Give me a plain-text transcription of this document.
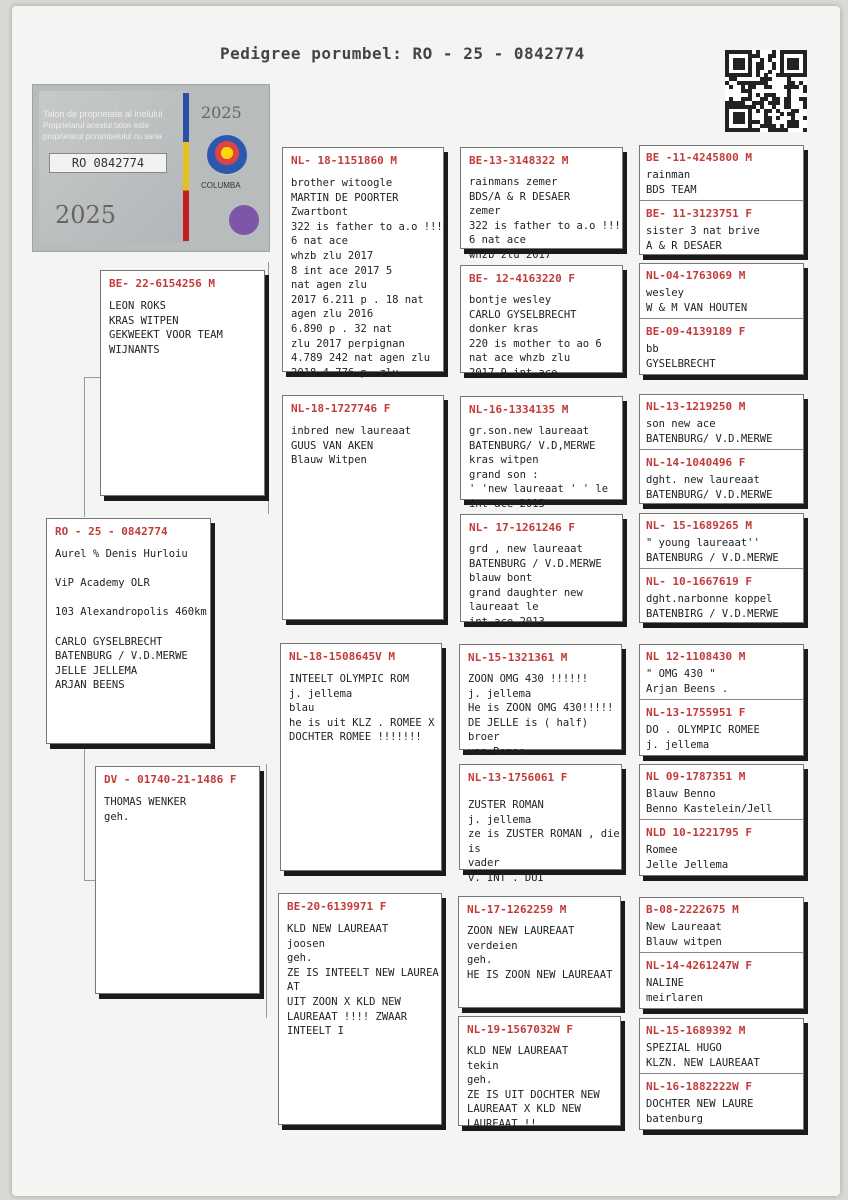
Pedigree porumbel: RO - 25 - 0842774
Talon de proprietate al inelului
Proprietarul acestui talon este proprietarul porumbelului cu seria
RO 0842774
2025
2025
COLUMBA
RO - 25 - 0842774
Aurel % Denis Hurloiu

ViP Academy OLR

103 Alexandropolis 460km

CARLO GYSELBRECHT
BATENBURG / V.D.MERWE
JELLE JELLEMA
ARJAN BEENS
BE- 22-6154256 M
LEON ROKS
KRAS WITPEN
GEKWEEKT VOOR TEAM
WIJNANTS
DV - 01740-21-1486 F
THOMAS WENKER
geh.
NL- 18-1151860 M
brother witoogle
MARTIN DE POORTER
Zwartbont
322 is father to a.o !!!
6 nat ace
whzb zlu 2017
8 int ace 2017 5
nat agen zlu
2017 6.211 p . 18 nat
agen zlu 2016
6.890 p . 32 nat
zlu 2017 perpignan
4.789 242 nat agen zlu
2018 4.776 p. zlu
NL-18-1727746 F
inbred new laureaat
GUUS VAN AKEN
Blauw Witpen
NL-18-1508645V M
INTEELT OLYMPIC ROM
j. jellema
blau
he is uit KLZ . ROMEE X
DOCHTER ROMEE !!!!!!!
BE-20-6139971 F
KLD NEW LAUREAAT
joosen
geh.
ZE IS INTEELT NEW LAUREA
AT
UIT ZOON X KLD NEW
LAUREAAT !!!! ZWAAR
INTEELT I
BE-13-3148322 M
rainmans zemer
BDS/A & R DESAER
zemer
322 is father to a.o !!!
6 nat ace
whzb zlu 2017
BE- 12-4163220 F
bontje wesley
CARLO GYSELBRECHT
donker kras
220 is mother to ao 6
nat ace whzb zlu
2017 9 int ace
NL-16-1334135 M
gr.son.new laureaat
BATENBURG/ V.D,MERWE
kras witpen
grand son :
' 'new laureaat ' ' le
int ace 2013
NL- 17-1261246 F
grd , new laureaat
BATENBURG / V.D.MERWE
blauw bont
grand daughter new
laureaat le
int ace 2013
NL-15-1321361 M
ZOON OMG 430 !!!!!!
j. jellema
He is ZOON OMG 430!!!!!
DE JELLE is ( half)
broer
van Romee
NL-13-1756061 F
ZUSTER ROMAN
j. jellema
ze is ZUSTER ROMAN , die
is
vader
v. INT . DUI
NL-17-1262259 M
ZOON NEW LAUREAAT
verdeien
geh.
HE IS ZOON NEW LAUREAAT
NL-19-1567032W F
KLD NEW LAUREAAT
tekin
geh.
ZE IS UIT DOCHTER NEW
LAUREAAT X KLD NEW
LAUREAAT !!
BE -11-4245800 M
rainman
BDS TEAM
BE- 11-3123751 F
sister 3 nat brive
A & R DESAER
NL-04-1763069 M
wesley
W & M VAN HOUTEN
BE-09-4139189 F
bb
GYSELBRECHT
NL-13-1219250 M
son new ace
BATENBURG/ V.D.MERWE
NL-14-1040496 F
dght. new laureaat
BATENBURG/ V.D.MERWE
NL- 15-1689265 M
" young laureaat''
BATENBURG / V.D.MERWE
NL- 10-1667619 F
dght.narbonne koppel
BATENBIRG / V.D.MERWE
NL 12-1108430 M
" OMG 430 "
Arjan Beens .
NL-13-1755951 F
DO . OLYMPIC ROMEE
j. jellema
NL 09-1787351 M
Blauw Benno
Benno Kastelein/Jell
NLD 10-1221795 F
Romee
Jelle Jellema
B-08-2222675 M
New Laureaat
Blauw witpen
NL-14-4261247W F
NALINE
meirlaren
NL-15-1689392 M
SPEZIAL HUGO
KLZN. NEW LAUREAAT
NL-16-1882222W F
DOCHTER NEW LAURE
batenburg
